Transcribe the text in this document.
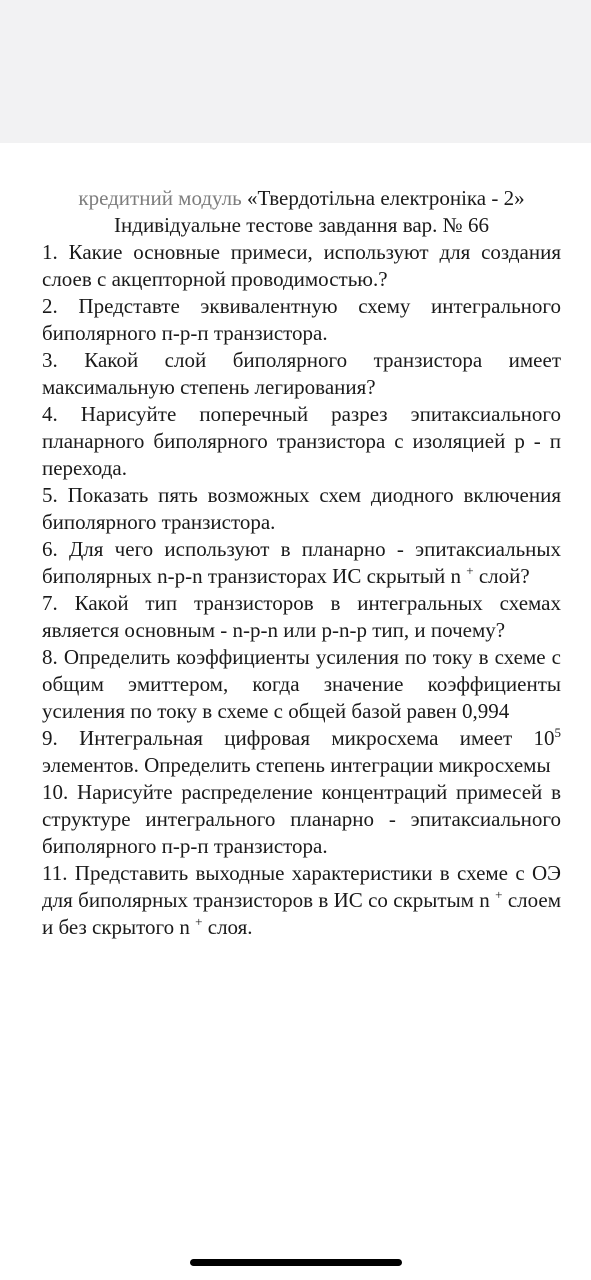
кредитний модуль «Твердотільна електроніка - 2»
Індивідуальне тестове завдання вар. № 66
1. Какие основные примеси, используют для создания слоев с акцепторной проводимостью.?
2. Представте эквивалентную схему интегрального биполярного п-р-п транзистора.
3. Какой слой биполярного транзистора имеет максимальную степень легирования?
4. Нарисуйте поперечный разрез эпитаксиального планарного биполярного транзистора с изоляцией р - п перехода.
5. Показать пять возможных схем диодного включения биполярного транзистора.
6. Для чего используют в планарно - эпитаксиальных биполярных n-p-n транзисторах ИС скрытый n + слой?
7. Какой тип транзисторов в интегральных схемах является основным - n-p-n или p-n-p тип, и почему?
8. Определить коэффициенты усиления по току в схеме с общим эмиттером, когда значение коэффициенты усиления по току в схеме с общей базой равен 0,994
9. Интегральная цифровая микросхема имеет $10^5$ элементов. Определить степень интеграции микросхемы
10. Нарисуйте распределение концентраций примесей в структуре интегрального планарно - эпитаксиального биполярного п-р-п транзистора.
11. Представить выходные характеристики в схеме с ОЭ для биполярных транзисторов в ИС со скрытым n + слоем и без скрытого n + слоя.
